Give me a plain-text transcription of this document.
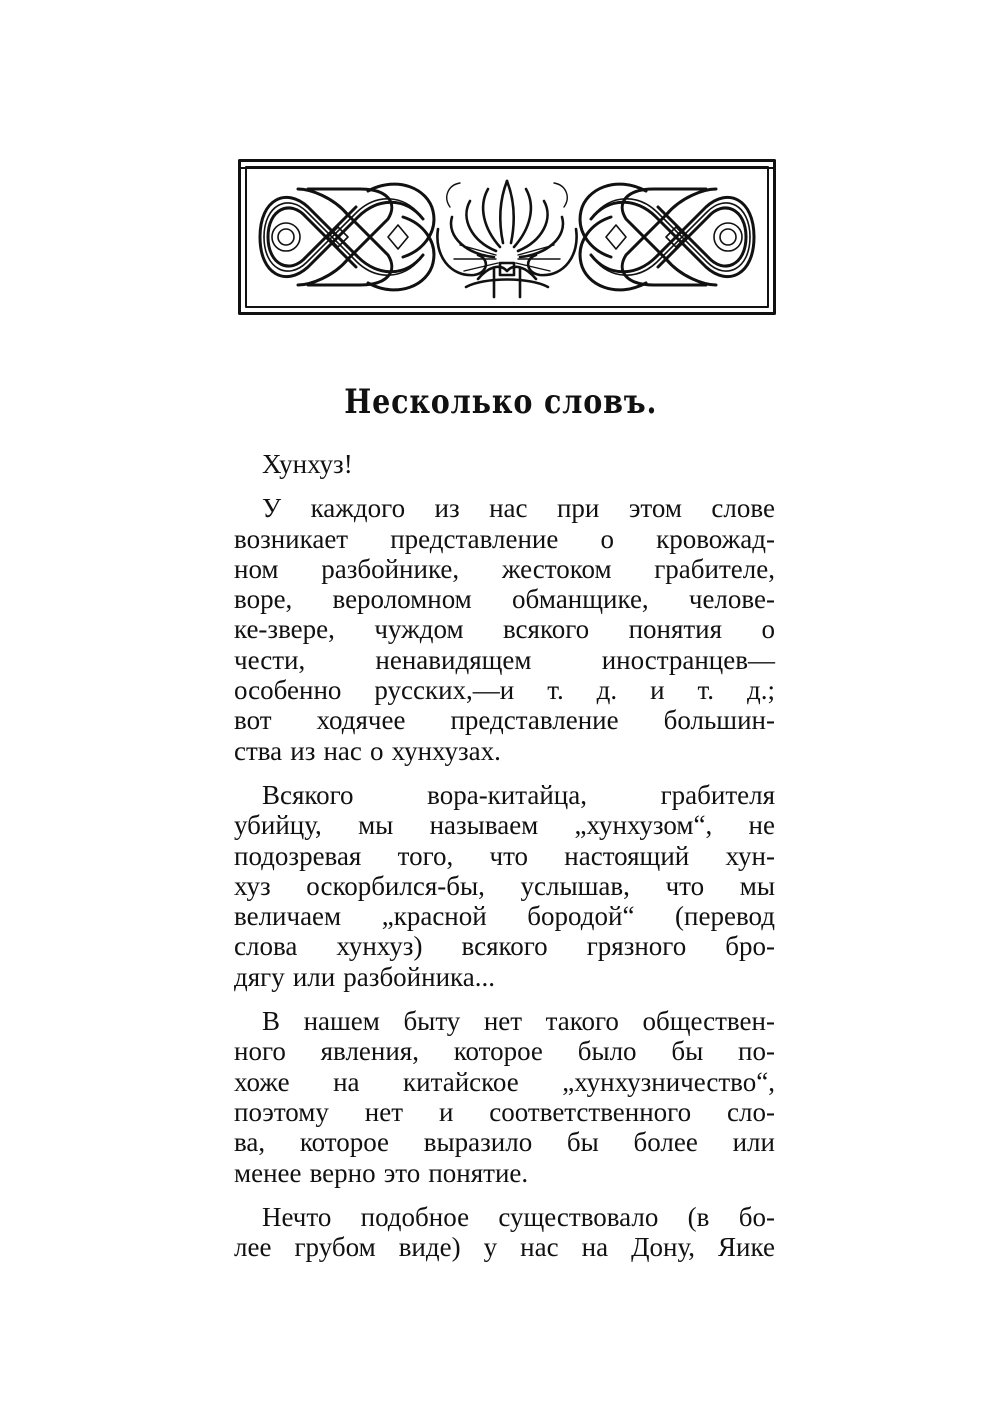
Несколько словъ.
Хунхуз!
У каждого из нас при этом слове
возникает представление о кровожад-
ном разбойнике, жестоком грабителе,
воре, вероломном обманщике, челове-
ке-звере, чуждом всякого понятия о
чести,	ненавидящем	иностранцев—
особенно русских,—и т. д. и т. д.;
вот ходячее представление большин-
ства из нас о хунхузах.
Всякого	вора-китайца,	грабителя
убийцу, мы называем „хунхузом“, не
подозревая того, что настоящий хун-
хуз оскорбился-бы, услышав, что мы
величаем „красной бородой“ (перевод
слова хунхуз) всякого грязного бро-
дягу или разбойника...
В нашем быту нет такого обществен-
ного явления, которое было бы по-
хоже на китайское „хунхузничество“,
поэтому нет и соответственного сло-
ва, которое выразило бы более или
менее верно это понятие.
Нечто подобное существовало (в бо-
лее грубом виде) у нас на Дону, Яике
